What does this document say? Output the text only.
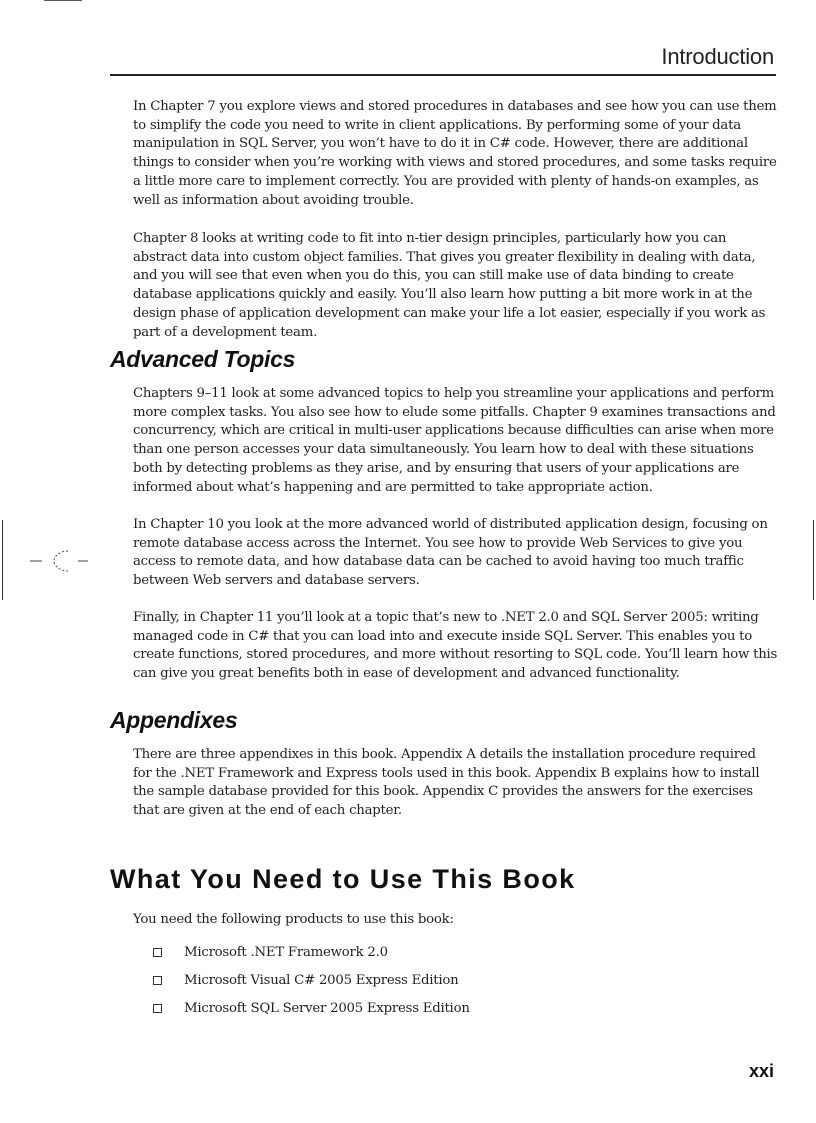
Introduction

In Chapter 7 you explore views and stored procedures in databases and see how you can use them to simplify the code you need to write in client applications. By performing some of your data manipulation in SQL Server, you won’t have to do it in C# code. However, there are additional things to consider when you’re working with views and stored procedures, and some tasks require a little more care to implement correctly. You are provided with plenty of hands-on examples, as well as information about avoiding trouble.

Chapter 8 looks at writing code to fit into n-tier design principles, particularly how you can abstract data into custom object families. That gives you greater flexibility in dealing with data, and you will see that even when you do this, you can still make use of data binding to create database applications quickly and easily. You’ll also learn how putting a bit more work in at the design phase of application development can make your life a lot easier, especially if you work as part of a development team.

Advanced Topics

Chapters 9–11 look at some advanced topics to help you streamline your applications and perform more complex tasks. You also see how to elude some pitfalls. Chapter 9 examines transactions and concurrency, which are critical in multi-user applications because difficulties can arise when more than one person accesses your data simultaneously. You learn how to deal with these situations both by detecting problems as they arise, and by ensuring that users of your applications are informed about what’s happening and are permitted to take appropriate action.

In Chapter 10 you look at the more advanced world of distributed application design, focusing on remote database access across the Internet. You see how to provide Web Services to give you access to remote data, and how database data can be cached to avoid having too much traffic between Web servers and database servers.

Finally, in Chapter 11 you’ll look at a topic that’s new to .NET 2.0 and SQL Server 2005: writing managed code in C# that you can load into and execute inside SQL Server. This enables you to create functions, stored procedures, and more without resorting to SQL code. You’ll learn how this can give you great benefits both in ease of development and advanced functionality.

Appendixes

There are three appendixes in this book. Appendix A details the installation procedure required for the .NET Framework and Express tools used in this book. Appendix B explains how to install the sample database provided for this book. Appendix C provides the answers for the exercises that are given at the end of each chapter.

What You Need to Use This Book

You need the following products to use this book:

Microsoft .NET Framework 2.0
Microsoft Visual C# 2005 Express Edition
Microsoft SQL Server 2005 Express Edition
xxi
